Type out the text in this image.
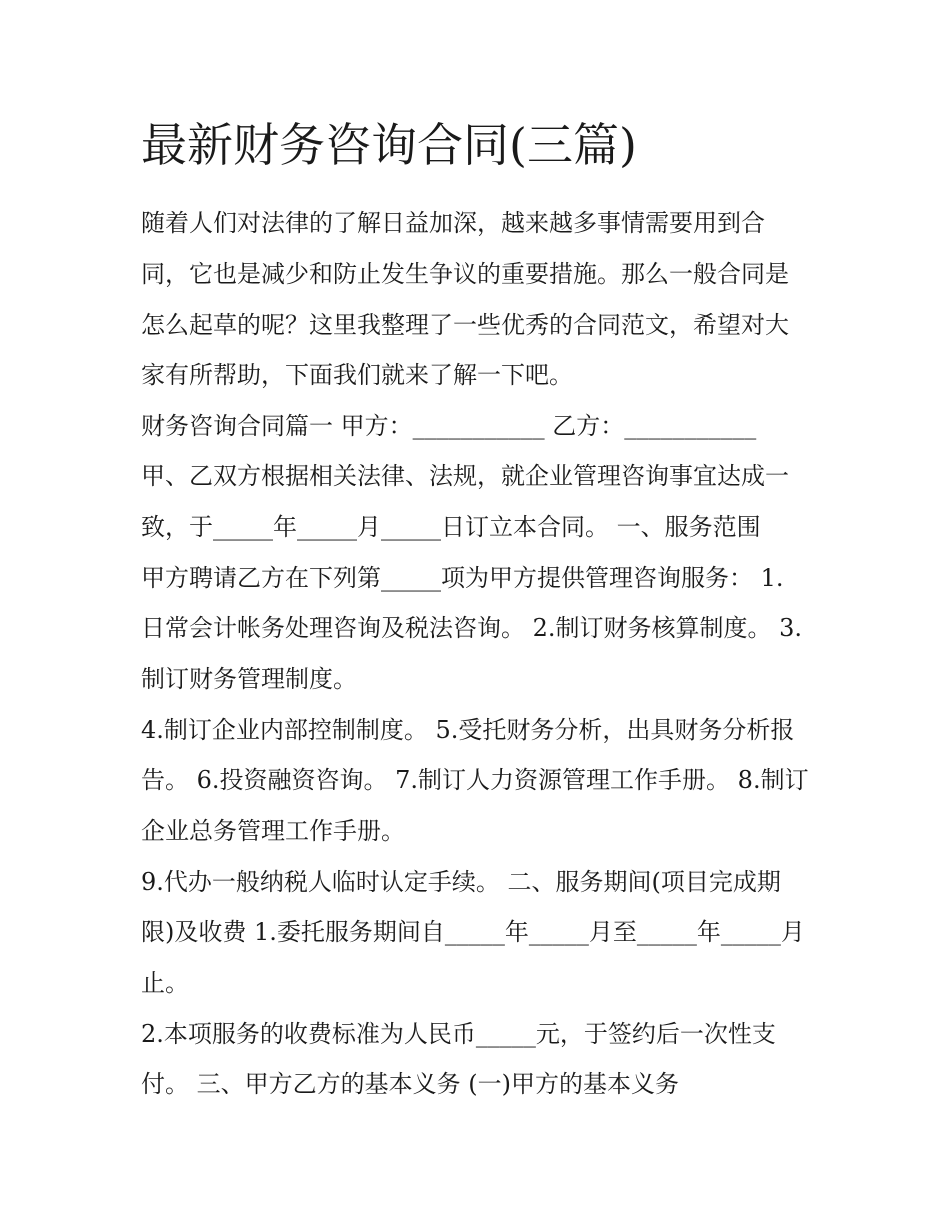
最新财务咨询合同(三篇)

随着人们对法律的了解日益加深，越来越多事情需要用到合

同，它也是减少和防止发生争议的重要措施。那么一般合同是

怎么起草的呢？这里我整理了一些优秀的合同范文，希望对大

家有所帮助，下面我们就来了解一下吧。

财务咨询合同篇一 甲方：___________ 乙方：___________

甲、乙双方根据相关法律、法规，就企业管理咨询事宜达成一

致，于_____年_____月_____日订立本合同。 一、服务范围

甲方聘请乙方在下列第_____项为甲方提供管理咨询服务： 1.

日常会计帐务处理咨询及税法咨询。 2.制订财务核算制度。 3.

制订财务管理制度。

4.制订企业内部控制制度。 5.受托财务分析，出具财务分析报

告。 6.投资融资咨询。 7.制订人力资源管理工作手册。 8.制订

企业总务管理工作手册。

9.代办一般纳税人临时认定手续。 二、服务期间(项目完成期

限)及收费 1.委托服务期间自_____年_____月至_____年_____月

止。

2.本项服务的收费标准为人民币_____元，于签约后一次性支

付。 三、甲方乙方的基本义务 (一)甲方的基本义务
